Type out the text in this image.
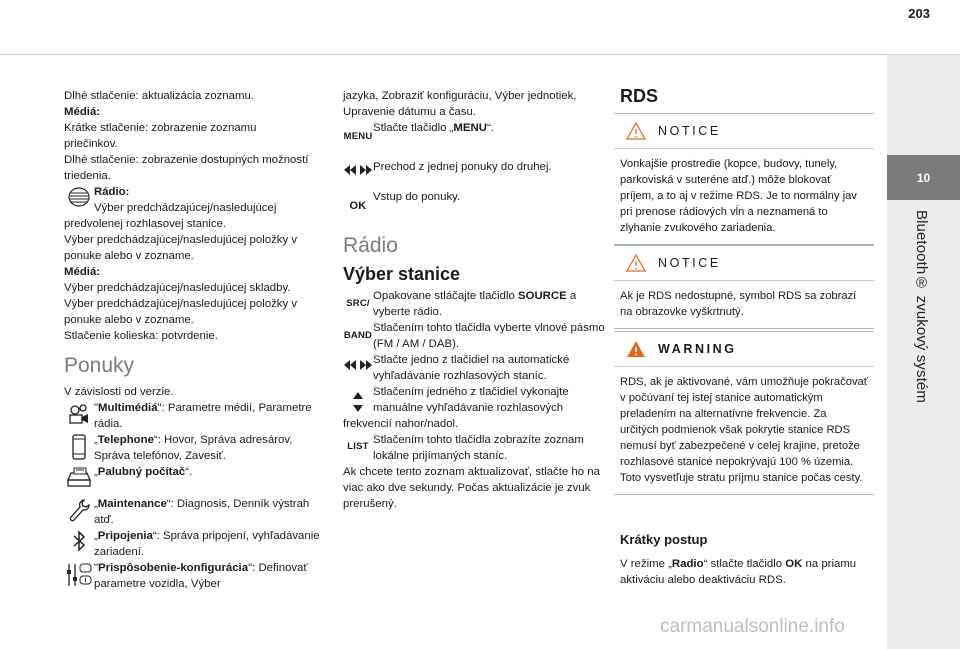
203
10
Bluetooth® zvukový systém

Dlhé stlačenie: aktualizácia zoznamu.

Médiá:

Krátke stlačenie: zobrazenie zoznamu

priečinkov.

Dlhé stlačenie: zobrazenie dostupných možností

triedenia.

Rádio:

Výber predchádzajúcej/nasledujúcej

predvolenej rozhlasovej stanice.

Výber predchádzajúcej/nasledujúcej položky v

ponuke alebo v zozname.

Médiá:

Výber predchádzajúcej/nasledujúcej skladby.

Výber predchádzajúcej/nasledujúcej položky v

ponuke alebo v zozname.

Stlačenie kolieska: potvrdenie.

Ponuky

V závislosti od verzie.

"Multimédiá": Parametre médií, Parametre rádia.
„Telephone“: Hovor, Správa adresárov, Správa telefónov, Zavesiť.
„Palubný počítač“.
„Maintenance“: Diagnosis, Denník výstrah atď.
„Pripojenia“: Správa pripojení, vyhľadávanie zariadení.
"Prispôsobenie-konfigurácia": Definovať parametre vozidla, Výber

jazyka, Zobraziť konfiguráciu, Výber jednotiek,

Upravenie dátumu a času.

MENU
Stlačte tlačidlo „MENU“.
Prechod z jednej ponuky do druhej.
OK
Vstup do ponuky.

Rádio

Výber stanice

SRC/
Opakovane stláčajte tlačidlo SOURCE a vyberte rádio.
BAND
Stlačením tohto tlačidla vyberte vlnové pásmo (FM / AM / DAB).
Stlačte jedno z tlačidiel na automatické vyhľadávanie rozhlasových staníc.
Stlačením jedného z tlačidiel vykonajte manuálne vyhľadávanie rozhlasových

frekvencií nahor/nadol.

LIST
Stlačením tohto tlačidla zobrazíte zoznam lokálne prijímaných staníc.

Ak chcete tento zoznam aktualizovať, stlačte ho na viac ako dve sekundy. Počas aktualizácie je zvuk prerušený.

RDS
NOTICE
Vonkajšie prostredie (kopce, budovy, tunely, parkoviská v suteréne atď.) môže blokovať príjem, a to aj v režime RDS. Je to normálny jav pri prenose rádiových vĺn a neznamená to zlyhanie zvukového zariadenia.
NOTICE
Ak je RDS nedostupné, symbol RDS sa zobrazí na obrazovke vyškrtnutý.
WARNING
RDS, ak je aktivované, vám umožňuje pokračovať v počúvaní tej istej stanice automatickým preladením na alternatívne frekvencie. Za určitých podmienok však pokrytie stanice RDS nemusí byť zabezpečené v celej krajine, pretože rozhlasové stanice nepokrývajú 100 % územia. Toto vysvetľuje stratu príjmu stanice počas cesty.

Krátky postup

V režime „Radio“ stlačte tlačidlo OK na priamu aktiváciu alebo deaktiváciu RDS.

carmanualsonline.info
